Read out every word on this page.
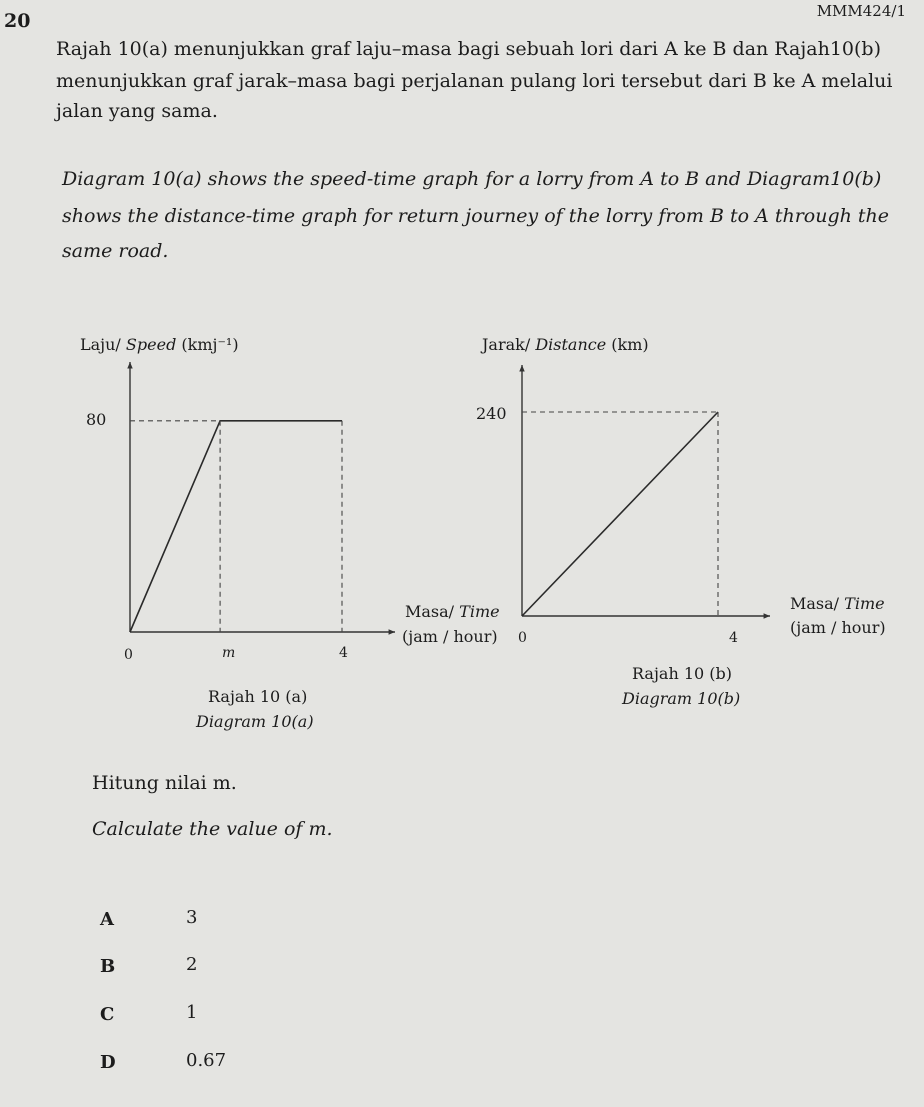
MMM424/1
20
Rajah 10(a) menunjukkan graf laju–masa bagi sebuah lori dari A ke B dan Rajah10(b)
menunjukkan graf jarak–masa bagi perjalanan pulang lori tersebut dari B ke A melalui
jalan yang sama.
Diagram 10(a) shows the speed-time graph for a lorry from A to B and Diagram10(b)
shows the distance-time graph for return journey of the lorry from B to A through the
same road.
Laju/ Speed (kmj⁻¹)
80
0	m	4
Masa/ Time
(jam / hour)
Rajah 10 (a)
Diagram 10(a)
Jarak/ Distance (km)
240
0	4
Masa/ Time
(jam / hour)
Rajah 10 (b)
Diagram 10(b)
Hitung nilai m.
Calculate the value of m.
A	3
B	2
C	1
D	0.67
